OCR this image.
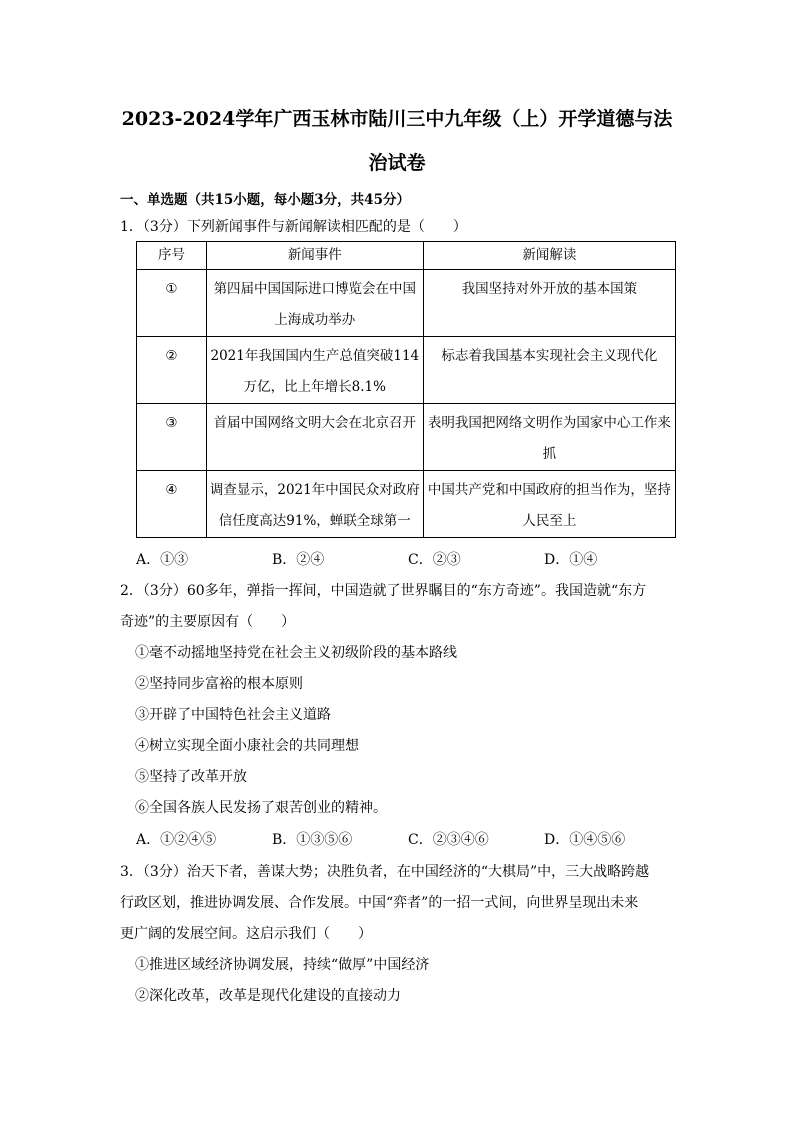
2023-2024学年广西玉林市陆川三中九年级（上）开学道德与法
治试卷
一、单选题（共15小题，每小题3分，共45分）
1．（3分）下列新闻事件与新闻解读相匹配的是（　　）
序号	新闻事件	新闻解读
①	第四届中国国际进口博览会在中国上海成功举办	我国坚持对外开放的基本国策
②	2021年我国国内生产总值突破114万亿，比上年增长8.1%	标志着我国基本实现社会主义现代化
③	首届中国网络文明大会在北京召开	表明我国把网络文明作为国家中心工作来抓
④	调查显示，2021年中国民众对政府信任度高达91%，蝉联全球第一	中国共产党和中国政府的担当作为，坚持人民至上
A．①③	B．②④	C．②③	D．①④
2．（3分）60多年，弹指一挥间，中国造就了世界瞩目的“东方奇迹”。我国造就“东方
奇迹”的主要原因有（　　）
①毫不动摇地坚持党在社会主义初级阶段的基本路线
②坚持同步富裕的根本原则
③开辟了中国特色社会主义道路
④树立实现全面小康社会的共同理想
⑤坚持了改革开放
⑥全国各族人民发扬了艰苦创业的精神。
A．①②④⑤	B．①③⑤⑥	C．②③④⑥	D．①④⑤⑥
3．（3分）治天下者，善谋大势；决胜负者，在中国经济的“大棋局”中，三大战略跨越
行政区划，推进协调发展、合作发展。中国“弈者”的一招一式间，向世界呈现出未来
更广阔的发展空间。这启示我们（　　）
①推进区域经济协调发展，持续“做厚”中国经济
②深化改革，改革是现代化建设的直接动力
